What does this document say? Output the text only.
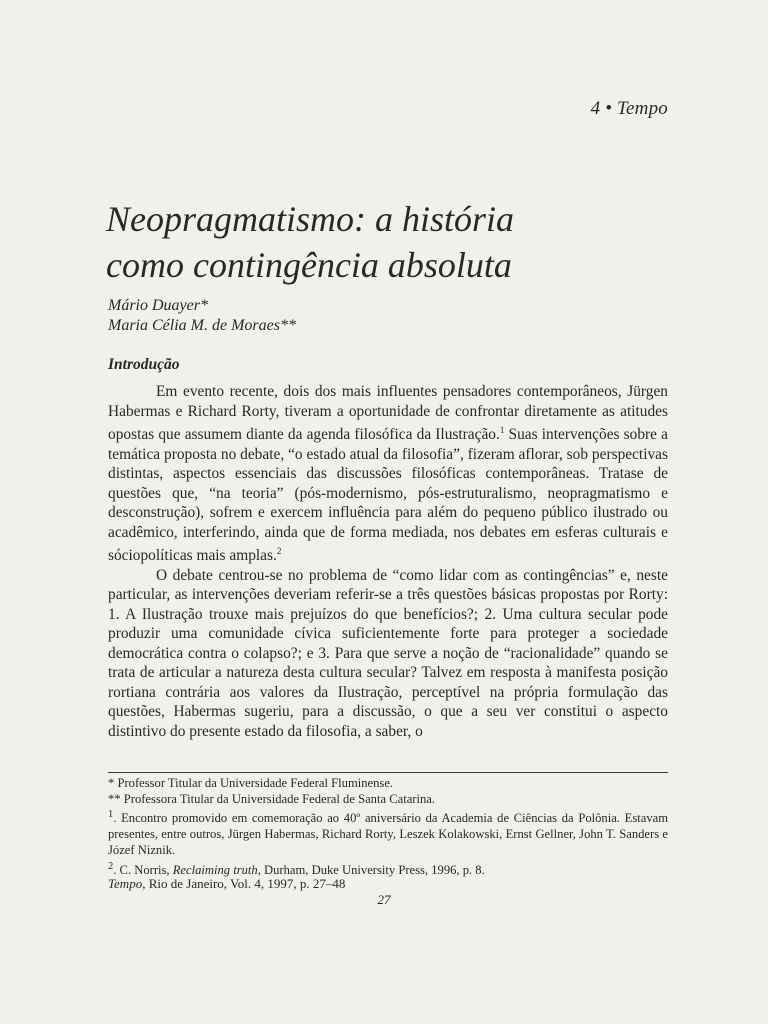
4 • Tempo
Neopragmatismo: a história
como contingência absoluta
Mário Duayer*
Maria Célia M. de Moraes**
Introdução

Em evento recente, dois dos mais influentes pensadores contemporâneos, Jürgen Habermas e Richard Rorty, tiveram a oportunidade de confrontar diretamente as atitudes opostas que assumem diante da agenda filosófica da Ilustração.$^1$ Suas intervenções sobre a temática proposta no debate, “o estado atual da filosofia”, fizeram aflorar, sob perspectivas distintas, aspectos essenciais das discussões filosóficas contemporâneas. Tratase de questões que, “na teoria” (pós-modernismo, pós-estruturalismo, neopragmatismo e desconstrução), sofrem e exercem influência para além do pequeno público ilustrado ou acadêmico, interferindo, ainda que de forma mediada, nos debates em esferas culturais e sóciopolíticas mais amplas.$^2$

O debate centrou-se no problema de “como lidar com as contingências” e, neste particular, as intervenções deveriam referir-se a três questões básicas propostas por Rorty: 1. A Ilustração trouxe mais prejuízos do que benefícios?; 2. Uma cultura secular pode produzir uma comunidade cívica suficientemente forte para proteger a sociedade democrática contra o colapso?; e 3. Para que serve a noção de “racionalidade” quando se trata de articular a natureza desta cultura secular? Talvez em resposta à manifesta posição rortiana contrária aos valores da Ilustração, perceptível na própria formulação das questões, Habermas sugeriu, para a discussão, o que a seu ver constitui o aspecto distintivo do presente estado da filosofia, a saber, o

* Professor Titular da Universidade Federal Fluminense.
** Professora Titular da Universidade Federal de Santa Catarina.
$^1$. Encontro promovido em comemoração ao 40º aniversário da Academia de Ciências da Polônia. Estavam presentes, entre outros, Jürgen Habermas, Richard Rorty, Leszek Kolakowski, Ernst Gellner, John T. Sanders e Józef Niznik.
$^2$. C. Norris, Reclaiming truth, Durham, Duke University Press, 1996, p. 8.
Tempo, Rio de Janeiro, Vol. 4, 1997, p. 27–48
27
